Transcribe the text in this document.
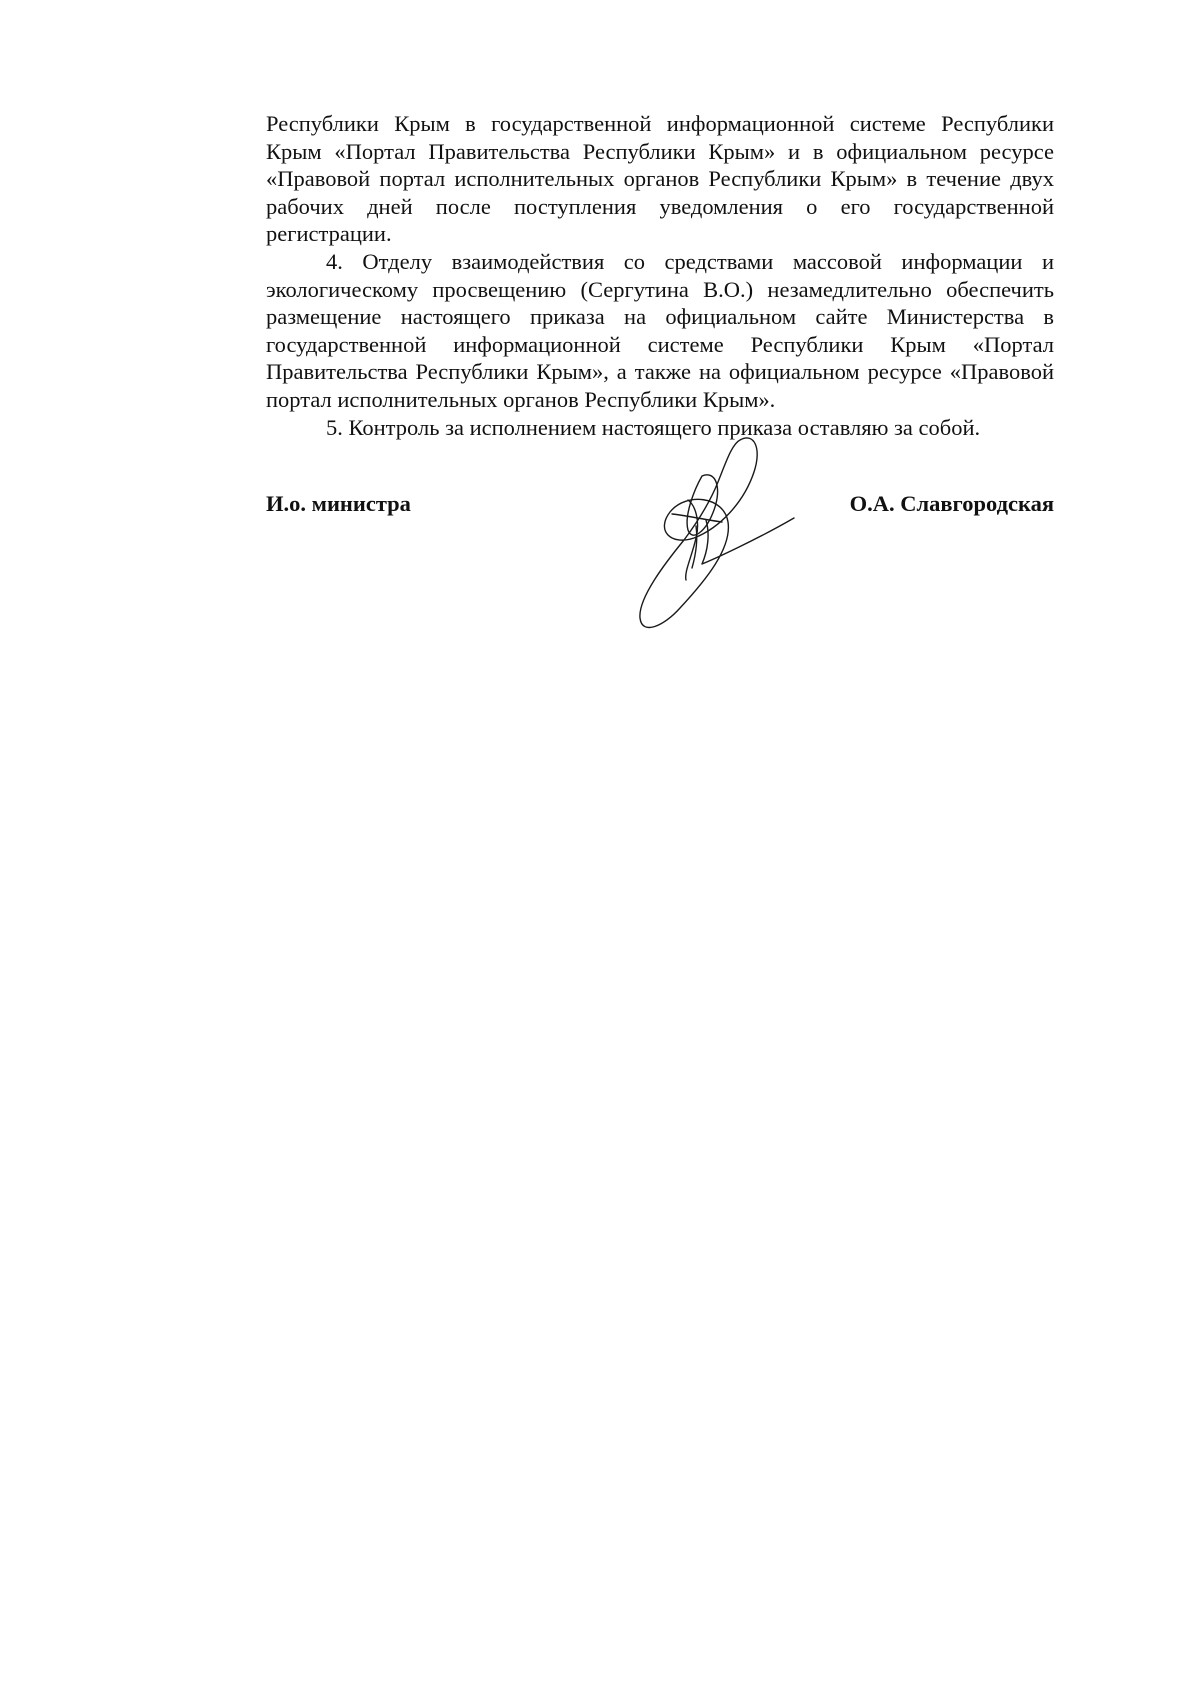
Республики Крым в государственной информационной системе Республики Крым «Портал Правительства Республики Крым» и в официальном ресурсе «Правовой портал исполнительных органов Республики Крым» в течение двух рабочих дней после поступления уведомления о его государственной регистрации.

4. Отделу взаимодействия со средствами массовой информации и экологическому просвещению (Сергутина В.О.) незамедлительно обеспечить размещение настоящего приказа на официальном сайте Министерства в государственной информационной системе Республики Крым «Портал Правительства Республики Крым», а также на официальном ресурсе «Правовой портал исполнительных органов Республики Крым».

5. Контроль за исполнением настоящего приказа оставляю за собой.

И.о. министра	О.А. Славгородская
